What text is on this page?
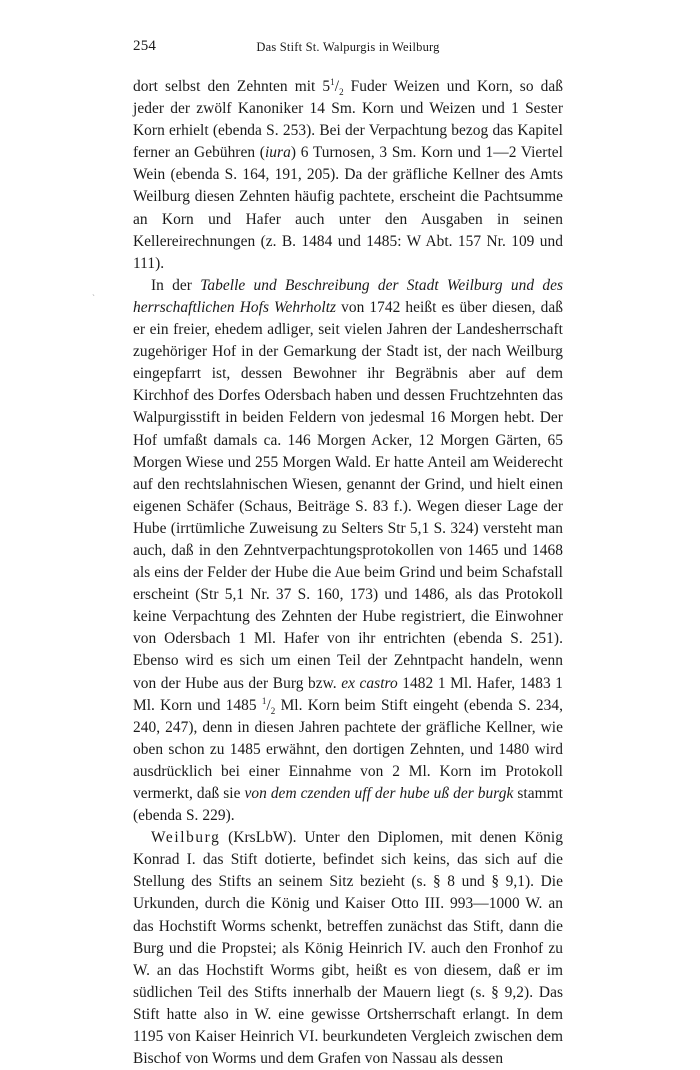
254	Das Stift St. Walpurgis in Weilburg
ˎ

dort selbst den Zehnten mit $5^1/_2$ Fuder Weizen und Korn, so daß jeder der zwölf Kanoniker 14 Sm. Korn und Weizen und 1 Sester Korn erhielt (ebenda S. 253). Bei der Verpachtung bezog das Kapitel ferner an Gebühren (iura) 6 Turnosen, 3 Sm. Korn und 1—2 Viertel Wein (ebenda S. 164, 191, 205). Da der gräfliche Kellner des Amts Weilburg diesen Zehnten häufig pachtete, erscheint die Pachtsumme an Korn und Hafer auch unter den Ausgaben in seinen Kellereirechnungen (z. B. 1484 und 1485: W Abt. 157 Nr. 109 und 111).

In der Tabelle und Beschreibung der Stadt Weilburg und des herrschaftlichen Hofs Wehrholtz von 1742 heißt es über diesen, daß er ein freier, ehedem adliger, seit vielen Jahren der Landesherrschaft zugehöriger Hof in der Gemarkung der Stadt ist, der nach Weilburg eingepfarrt ist, dessen Bewohner ihr Begräbnis aber auf dem Kirchhof des Dorfes Odersbach haben und dessen Fruchtzehnten das Walpurgisstift in beiden Feldern von jedesmal 16 Morgen hebt. Der Hof umfaßt damals ca. 146 Morgen Acker, 12 Morgen Gärten, 65 Morgen Wiese und 255 Morgen Wald. Er hatte Anteil am Weiderecht auf den rechtslahnischen Wiesen, genannt der Grind, und hielt einen eigenen Schäfer (Schaus, Beiträge S. 83 f.). Wegen dieser Lage der Hube (irrtümliche Zuweisung zu Selters Str 5,1 S. 324) versteht man auch, daß in den Zehntverpachtungsprotokollen von 1465 und 1468 als eins der Felder der Hube die Aue beim Grind und beim Schafstall erscheint (Str 5,1 Nr. 37 S. 160, 173) und 1486, als das Protokoll keine Verpachtung des Zehnten der Hube registriert, die Einwohner von Odersbach 1 Ml. Hafer von ihr entrichten (ebenda S. 251). Ebenso wird es sich um einen Teil der Zehntpacht handeln, wenn von der Hube aus der Burg bzw. ex castro 1482 1 Ml. Hafer, 1483 1 Ml. Korn und 1485 $^1/_2$ Ml. Korn beim Stift eingeht (ebenda S. 234, 240, 247), denn in diesen Jahren pachtete der gräfliche Kellner, wie oben schon zu 1485 erwähnt, den dortigen Zehnten, und 1480 wird ausdrücklich bei einer Einnahme von 2 Ml. Korn im Protokoll vermerkt, daß sie von dem czenden uff der hube uß der burgk stammt (ebenda S. 229).

Weilburg (KrsLbW). Unter den Diplomen, mit denen König Konrad I. das Stift dotierte, befindet sich keins, das sich auf die Stellung des Stifts an seinem Sitz bezieht (s. § 8 und § 9,1). Die Urkunden, durch die König und Kaiser Otto III. 993—1000 W. an das Hochstift Worms schenkt, betreffen zunächst das Stift, dann die Burg und die Propstei; als König Heinrich IV. auch den Fronhof zu W. an das Hochstift Worms gibt, heißt es von diesem, daß er im südlichen Teil des Stifts innerhalb der Mauern liegt (s. § 9,2). Das Stift hatte also in W. eine gewisse Ortsherrschaft erlangt. In dem 1195 von Kaiser Heinrich VI. beurkundeten Vergleich zwischen dem Bischof von Worms und dem Grafen von Nassau als dessen
